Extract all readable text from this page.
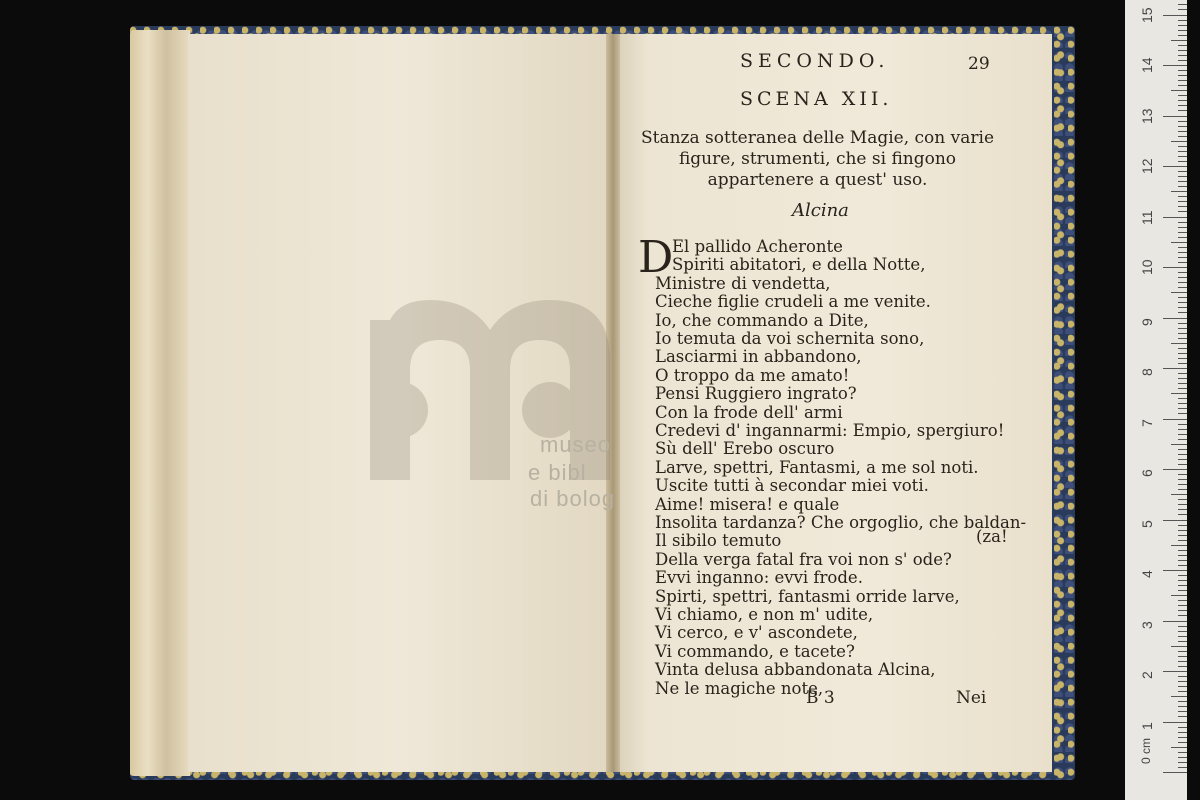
museo
e bibl
di bolog
SECONDO.	29
SCENA XII.
Stanza sotteranea delle Magie, con varie figure, strumenti, che si fingono appartenere a quest' uso.
Alcina
D
El pallido Acheronte
Spiriti abitatori, e della Notte,
Ministre di vendetta,
Cieche figlie crudeli a me venite.
Io, che commando a Dite,
Io temuta da voi schernita sono,
Lasciarmi in abbandono,
O troppo da me amato!
Pensi Ruggiero ingrato?
Con la frode dell' armi
Credevi d' ingannarmi: Empio, spergiuro!
Sù dell' Erebo oscuro
Larve, spettri, Fantasmi, a me sol noti.
Uscite tutti à secondar miei voti.
Aime! misera! e quale
Insolita tardanza? Che orgoglio, che baldan-
Il sibilo temuto
Della verga fatal fra voi non s' ode?
Evvi inganno: evvi frode.
Spirti, spettri, fantasmi orride larve,
Vi chiamo, e non m' udite,
Vi cerco, e v' ascondete,
Vi commando, e tacete?
Vinta delusa abbandonata Alcina,
Ne le magiche note,
(za!
B 3	Nei
0 cm
1
2
3
4
5
6
7
8
9
10
11
12
13
14
15
